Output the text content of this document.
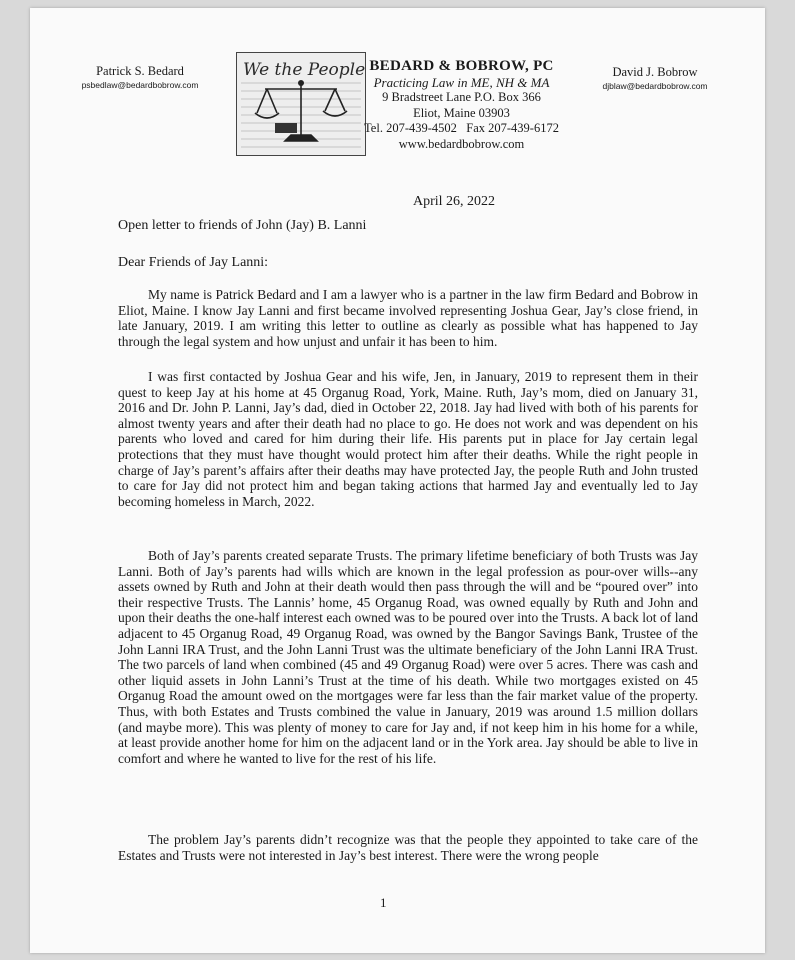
Patrick S. Bedard
psbedlaw@bedardbobrow.com
We the People BEDARD & BOBROW, PC
Practicing Law in ME, NH & MA
9 Bradstreet Lane P.O. Box 366
Eliot, Maine 03903
Tel. 207-439-4502   Fax 207-439-6172
www.bedardbobrow.com
David J. Bobrow
djblaw@bedardbobrow.com
April 26, 2022
Open letter to friends of John (Jay) B. Lanni
Dear Friends of Jay Lanni:
My name is Patrick Bedard and I am a lawyer who is a partner in the law firm Bedard and Bobrow in Eliot, Maine. I know Jay Lanni and first became involved representing Joshua Gear, Jay’s close friend, in late January, 2019. I am writing this letter to outline as clearly as possible what has happened to Jay through the legal system and how unjust and unfair it has been to him.
I was first contacted by Joshua Gear and his wife, Jen, in January, 2019 to represent them in their quest to keep Jay at his home at 45 Organug Road, York, Maine. Ruth, Jay’s mom, died on January 31, 2016 and Dr. John P. Lanni, Jay’s dad, died in October 22, 2018. Jay had lived with both of his parents for almost twenty years and after their death had no place to go. He does not work and was dependent on his parents who loved and cared for him during their life. His parents put in place for Jay certain legal protections that they must have thought would protect him after their deaths. While the right people in charge of Jay’s parent’s affairs after their deaths may have protected Jay, the people Ruth and John trusted to care for Jay did not protect him and began taking actions that harmed Jay and eventually led to Jay becoming homeless in March, 2022.
Both of Jay’s parents created separate Trusts. The primary lifetime beneficiary of both Trusts was Jay Lanni. Both of Jay’s parents had wills which are known in the legal profession as pour-over wills--any assets owned by Ruth and John at their death would then pass through the will and be “poured over” into their respective Trusts. The Lannis’ home, 45 Organug Road, was owned equally by Ruth and John and upon their deaths the one-half interest each owned was to be poured over into the Trusts. A back lot of land adjacent to 45 Organug Road, 49 Organug Road, was owned by the Bangor Savings Bank, Trustee of the John Lanni IRA Trust, and the John Lanni Trust was the ultimate beneficiary of the John Lanni IRA Trust. The two parcels of land when combined (45 and 49 Organug Road) were over 5 acres. There was cash and other liquid assets in John Lanni’s Trust at the time of his death. While two mortgages existed on 45 Organug Road the amount owed on the mortgages were far less than the fair market value of the property. Thus, with both Estates and Trusts combined the value in January, 2019 was around 1.5 million dollars (and maybe more). This was plenty of money to care for Jay and, if not keep him in his home for a while, at least provide another home for him on the adjacent land or in the York area. Jay should be able to live in comfort and where he wanted to live for the rest of his life.
The problem Jay’s parents didn’t recognize was that the people they appointed to take care of the Estates and Trusts were not interested in Jay’s best interest. There were the wrong people
1
